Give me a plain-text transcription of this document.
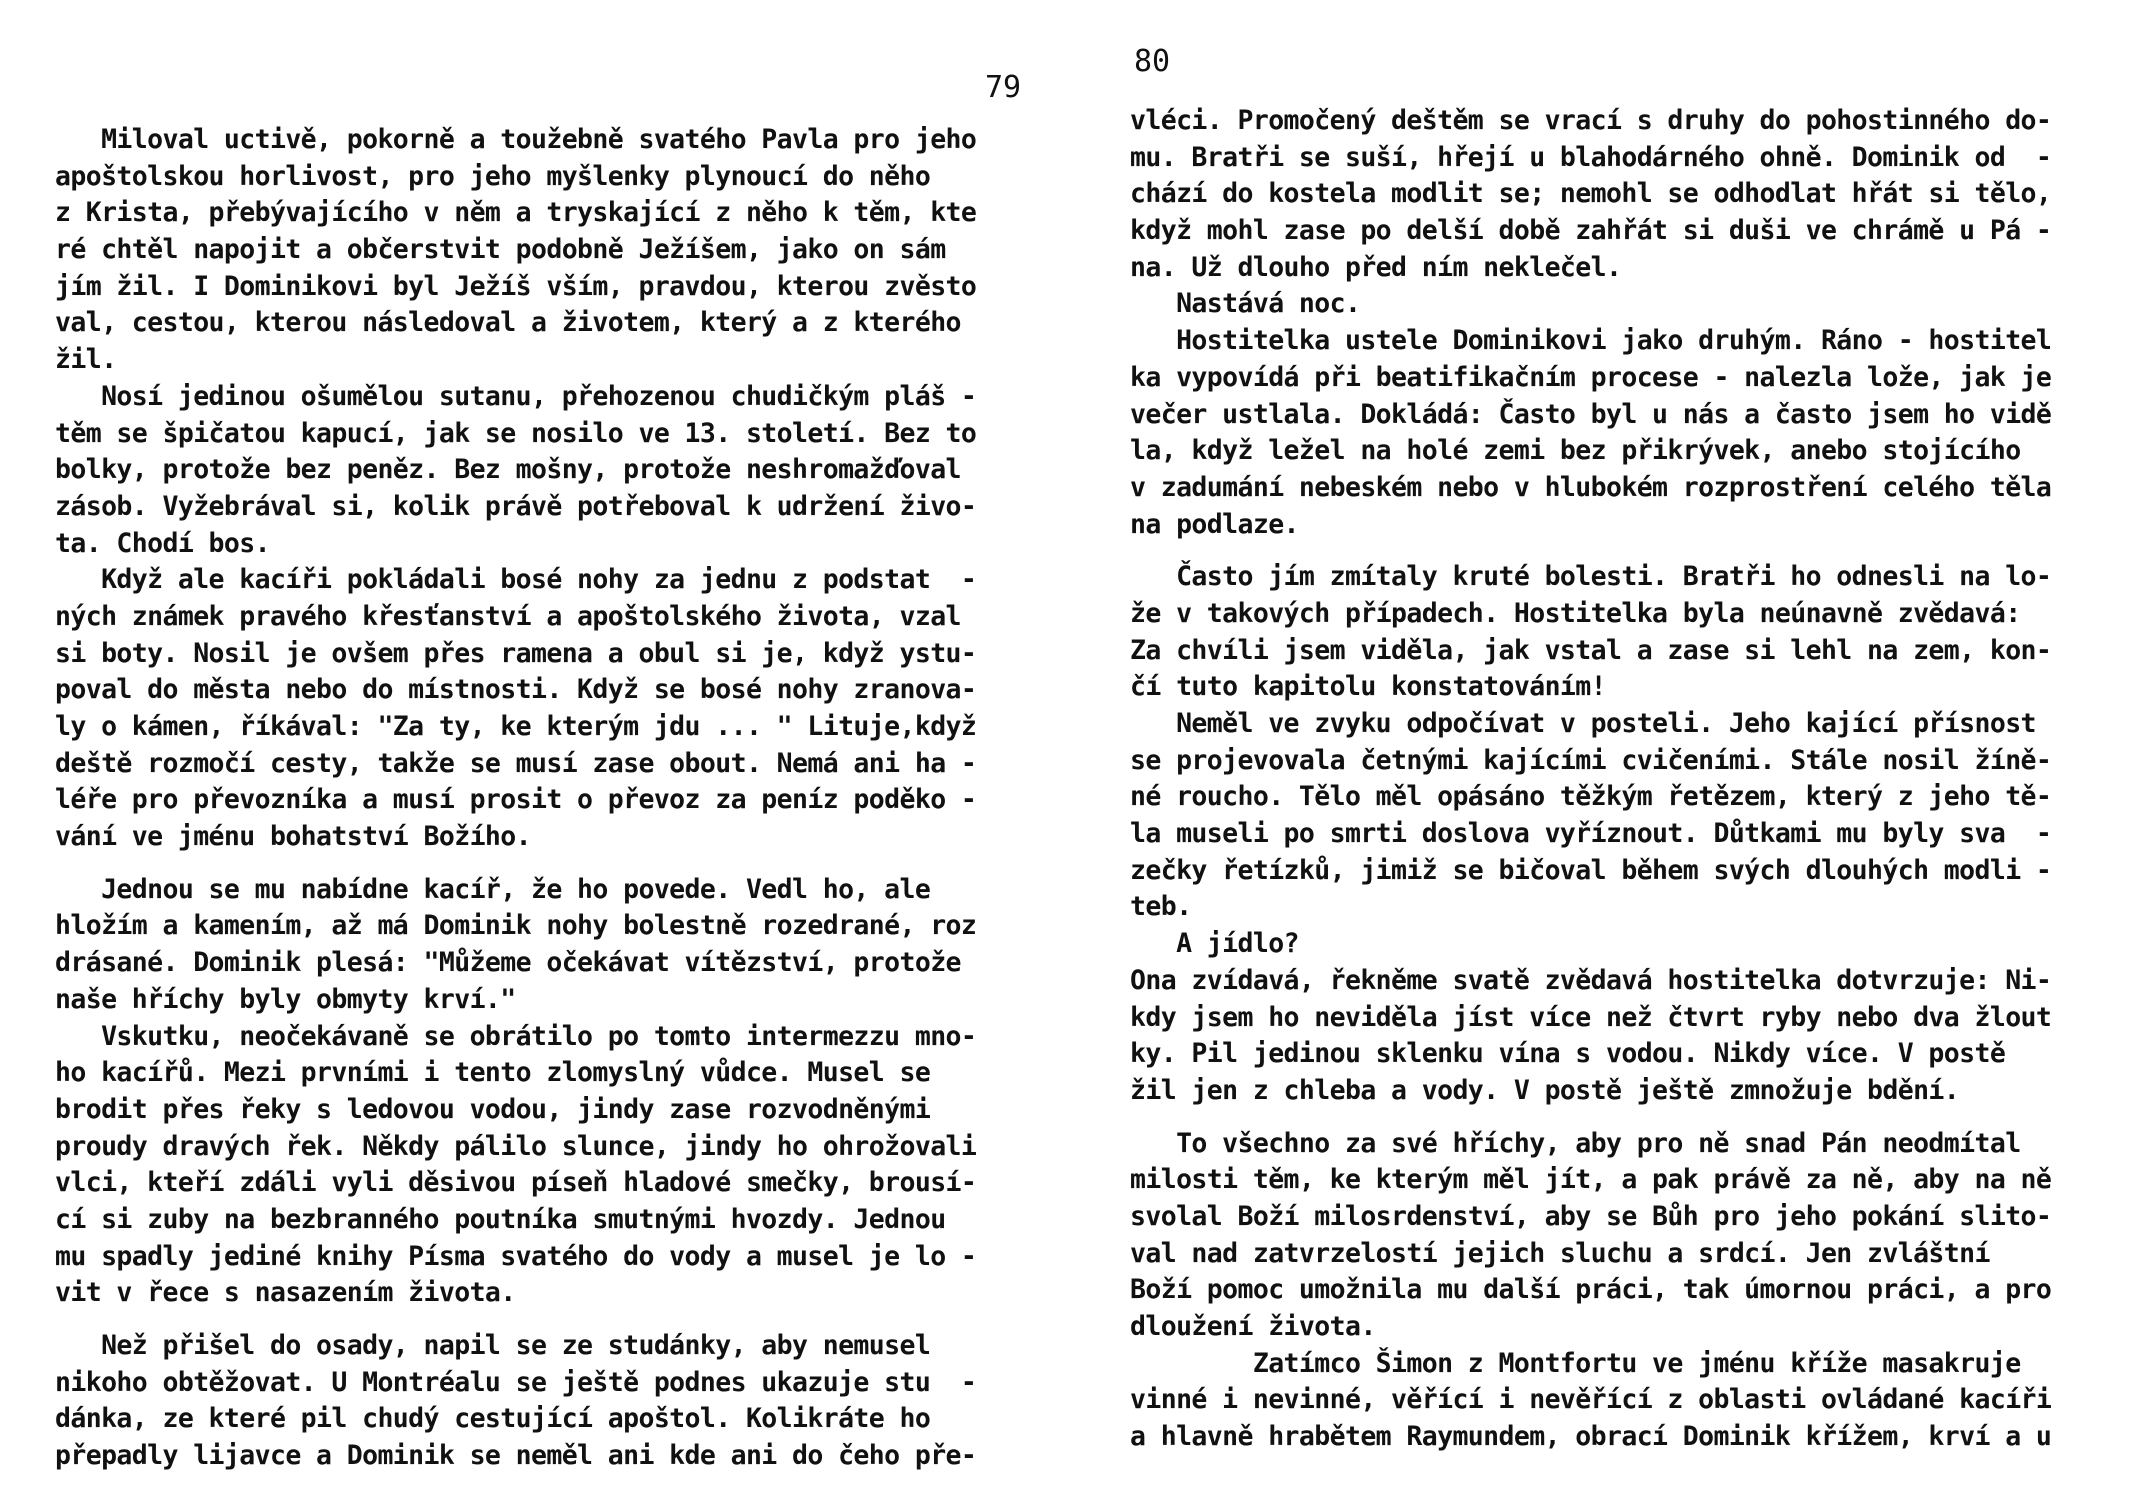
79
Miloval uctivě, pokorně a toužebně svatého Pavla pro jeho
apoštolskou horlivost, pro jeho myšlenky plynoucí do něho
z Krista, přebývajícího v něm a tryskající z něho k těm, kte
ré chtěl napojit a občerstvit podobně Ježíšem, jako on sám
jím žil. I Dominikovi byl Ježíš vším, pravdou, kterou zvěsto
val, cestou, kterou následoval a životem, který a z kterého
žil.
Nosí jedinou ošumělou sutanu, přehozenou chudičkým pláš -
těm se špičatou kapucí, jak se nosilo ve 13. století. Bez to
bolky, protože bez peněz. Bez mošny, protože neshromažďoval
zásob. Vyžebrával si, kolik právě potřeboval k udržení živo-
ta. Chodí bos.
Když ale kacíři pokládali bosé nohy za jednu z podstat  -
ných známek pravého křesťanství a apoštolského života, vzal
si boty. Nosil je ovšem přes ramena a obul si je, když ystu-
poval do města nebo do místnosti. Když se bosé nohy zranova-
ly o kámen, říkával: "Za ty, ke kterým jdu ... " Lituje,když
deště rozmočí cesty, takže se musí zase obout. Nemá ani ha -
léře pro převozníka a musí prosit o převoz za peníz poděko -
vání ve jménu bohatství Božího.
Jednou se mu nabídne kacíř, že ho povede. Vedl ho, ale
hložím a kamením, až má Dominik nohy bolestně rozedrané, roz
drásané. Dominik plesá: "Můžeme očekávat vítězství, protože
naše hříchy byly obmyty krví."
Vskutku, neočekávaně se obrátilo po tomto intermezzu mno-
ho kacířů. Mezi prvními i tento zlomyslný vůdce. Musel se
brodit přes řeky s ledovou vodou, jindy zase rozvodněnými
proudy dravých řek. Někdy pálilo slunce, jindy ho ohrožovali
vlci, kteří zdáli vyli děsivou píseň hladové smečky, brousí-
cí si zuby na bezbranného poutníka smutnými hvozdy. Jednou
mu spadly jediné knihy Písma svatého do vody a musel je lo -
vit v řece s nasazením života.
Než přišel do osady, napil se ze studánky, aby nemusel
nikoho obtěžovat. U Montréalu se ještě podnes ukazuje stu  -
dánka, ze které pil chudý cestující apoštol. Kolikráte ho
přepadly lijavce a Dominik se neměl ani kde ani do čeho pře-
80
vléci. Promočený deštěm se vrací s druhy do pohostinného do-
mu. Bratři se suší, hřejí u blahodárného ohně. Dominik od  -
chází do kostela modlit se; nemohl se odhodlat hřát si tělo,
když mohl zase po delší době zahřát si duši ve chrámě u Pá -
na. Už dlouho před ním neklečel.
Nastává noc.
Hostitelka ustele Dominikovi jako druhým. Ráno - hostitel
ka vypovídá při beatifikačním procese - nalezla lože, jak je
večer ustlala. Dokládá: Často byl u nás a často jsem ho vidě
la, když ležel na holé zemi bez přikrývek, anebo stojícího
v zadumání nebeském nebo v hlubokém rozprostření celého těla
na podlaze.
Často jím zmítaly kruté bolesti. Bratři ho odnesli na lo-
že v takových případech. Hostitelka byla neúnavně zvědavá:
Za chvíli jsem viděla, jak vstal a zase si lehl na zem, kon-
čí tuto kapitolu konstatováním!
Neměl ve zvyku odpočívat v posteli. Jeho kající přísnost
se projevovala četnými kajícími cvičeními. Stále nosil žíně-
né roucho. Tělo měl opásáno těžkým řetězem, který z jeho tě-
la museli po smrti doslova vyříznout. Důtkami mu byly sva  -
zečky řetízků, jimiž se bičoval během svých dlouhých modli -
teb.
A jídlo?
Ona zvídavá, řekněme svatě zvědavá hostitelka dotvrzuje: Ni-
kdy jsem ho neviděla jíst více než čtvrt ryby nebo dva žlout
ky. Pil jedinou sklenku vína s vodou. Nikdy více. V postě
žil jen z chleba a vody. V postě ještě zmnožuje bdění.
To všechno za své hříchy, aby pro ně snad Pán neodmítal
milosti těm, ke kterým měl jít, a pak právě za ně, aby na ně
svolal Boží milosrdenství, aby se Bůh pro jeho pokání slito-
val nad zatvrzelostí jejich sluchu a srdcí. Jen zvláštní
Boží pomoc umožnila mu další práci, tak úmornou práci, a pro
dloužení života.
Zatímco Šimon z Montfortu ve jménu kříže masakruje
vinné i nevinné, věřící i nevěřící z oblasti ovládané kacíři
a hlavně hrabětem Raymundem, obrací Dominik křížem, krví a u
